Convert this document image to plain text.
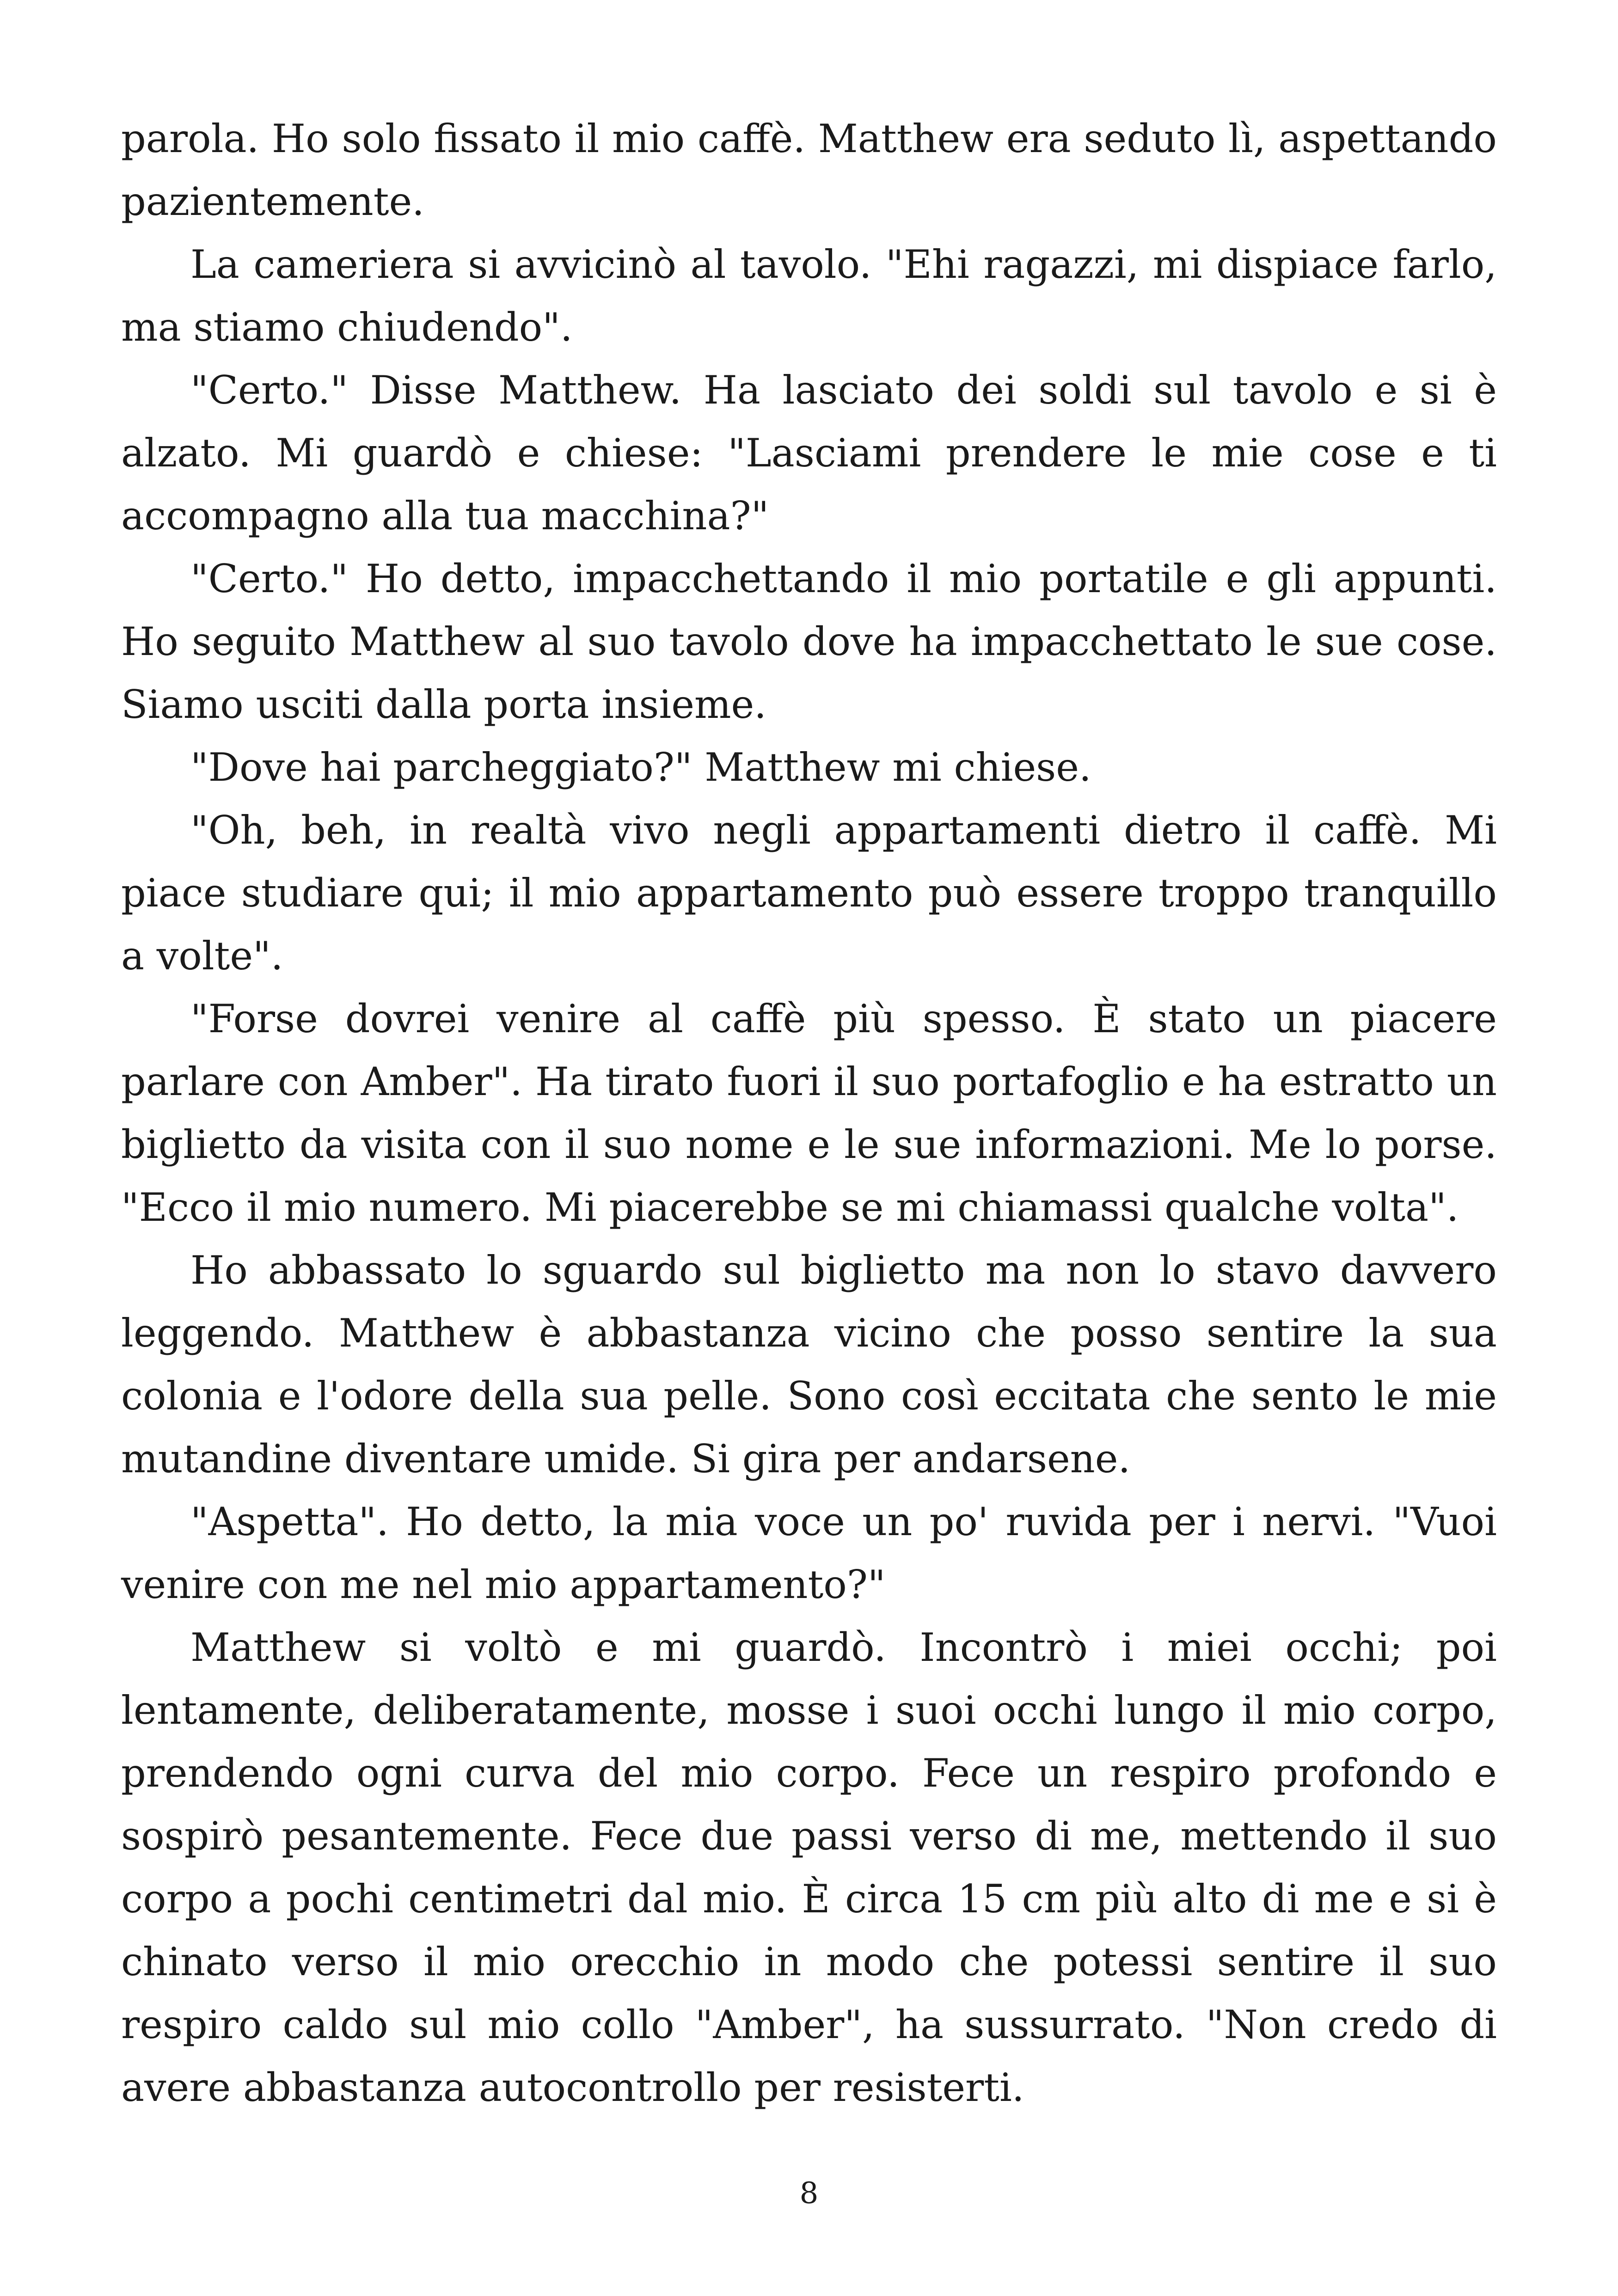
parola. Ho solo fissato il mio caffè. Matthew era seduto lì, aspettando pazientemente.

La cameriera si avvicinò al tavolo. "Ehi ragazzi, mi dispiace farlo, ma stiamo chiudendo".

"Certo." Disse Matthew. Ha lasciato dei soldi sul tavolo e si è alzato. Mi guardò e chiese: "Lasciami prendere le mie cose e ti accompagno alla tua macchina?"

"Certo." Ho detto, impacchettando il mio portatile e gli appunti. Ho seguito Matthew al suo tavolo dove ha impacchettato le sue cose. Siamo usciti dalla porta insieme.

"Dove hai parcheggiato?" Matthew mi chiese.

"Oh, beh, in realtà vivo negli appartamenti dietro il caffè. Mi piace studiare qui; il mio appartamento può essere troppo tranquillo a volte".

"Forse dovrei venire al caffè più spesso. È stato un piacere parlare con Amber". Ha tirato fuori il suo portafoglio e ha estratto un biglietto da visita con il suo nome e le sue informazioni. Me lo porse. "Ecco il mio numero. Mi piacerebbe se mi chiamassi qualche volta".

Ho abbassato lo sguardo sul biglietto ma non lo stavo davvero leggendo. Matthew è abbastanza vicino che posso sentire la sua colonia e l'odore della sua pelle. Sono così eccitata che sento le mie mutandine diventare umide. Si gira per andarsene.

"Aspetta". Ho detto, la mia voce un po' ruvida per i nervi. "Vuoi venire con me nel mio appartamento?"

Matthew si voltò e mi guardò. Incontrò i miei occhi; poi lentamente, deliberatamente, mosse i suoi occhi lungo il mio corpo, prendendo ogni curva del mio corpo. Fece un respiro profondo e sospirò pesantemente. Fece due passi verso di me, mettendo il suo corpo a pochi centimetri dal mio. È circa 15 cm più alto di me e si è chinato verso il mio orecchio in modo che potessi sentire il suo respiro caldo sul mio collo "Amber", ha sussurrato. "Non credo di avere abbastanza autocontrollo per resisterti.

8
